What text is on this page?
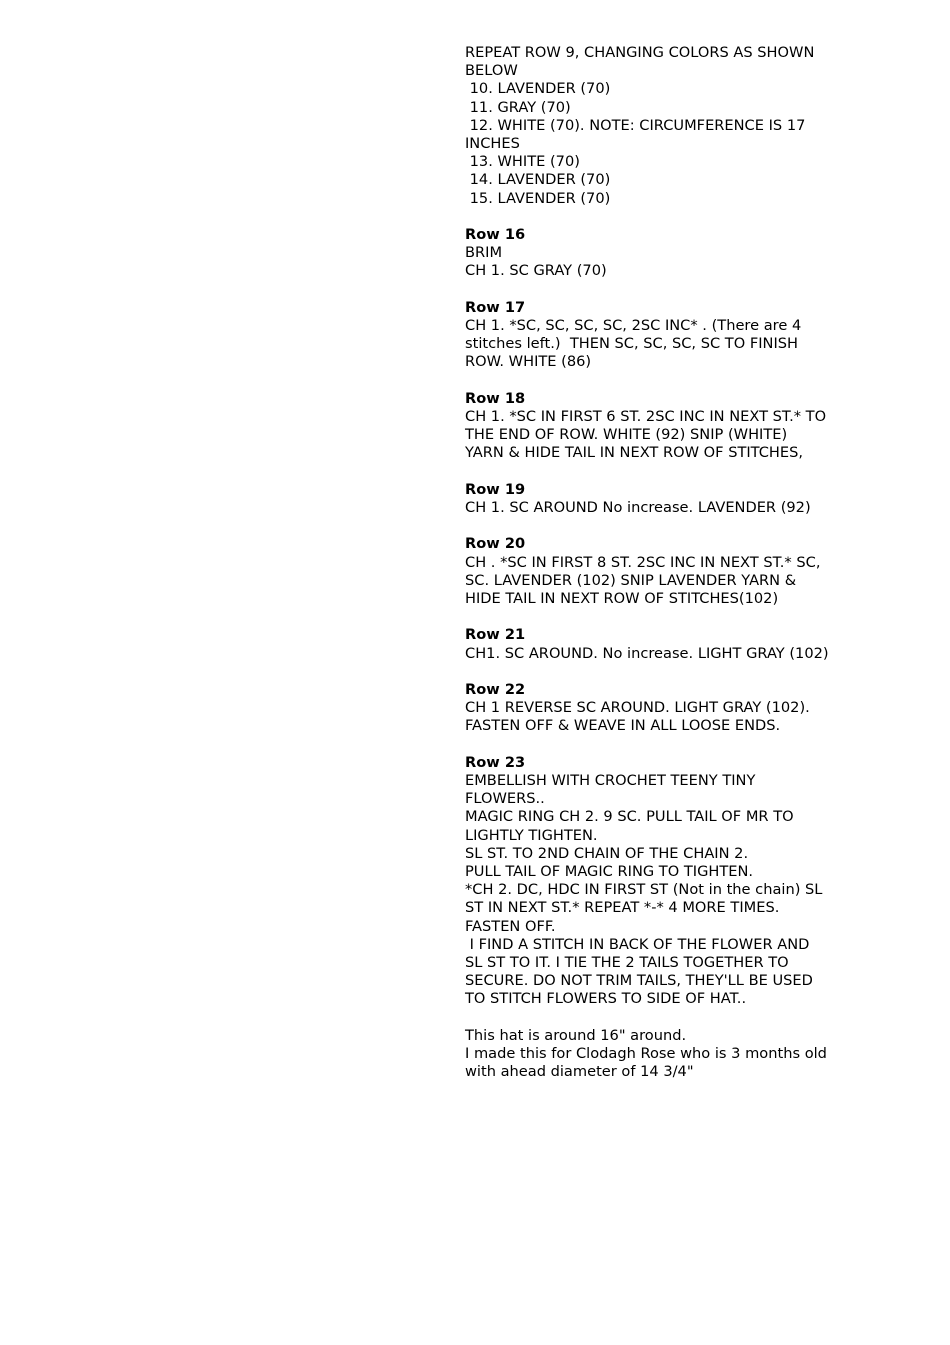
REPEAT ROW 9, CHANGING COLORS AS SHOWN
BELOW
10. LAVENDER (70)
11. GRAY (70)
12. WHITE (70). NOTE: CIRCUMFERENCE IS 17
INCHES
13. WHITE (70)
14. LAVENDER (70)
15. LAVENDER (70)
Row 16
BRIM
CH 1. SC GRAY (70)
Row 17
CH 1. *SC, SC, SC, SC, 2SC INC* . (There are 4
stitches left.)  THEN SC, SC, SC, SC TO FINISH
ROW. WHITE (86)
Row 18
CH 1. *SC IN FIRST 6 ST. 2SC INC IN NEXT ST.* TO
THE END OF ROW. WHITE (92) SNIP (WHITE)
YARN & HIDE TAIL IN NEXT ROW OF STITCHES,
Row 19
CH 1. SC AROUND No increase. LAVENDER (92)
Row 20
CH . *SC IN FIRST 8 ST. 2SC INC IN NEXT ST.* SC,
SC. LAVENDER (102) SNIP LAVENDER YARN &
HIDE TAIL IN NEXT ROW OF STITCHES(102)
Row 21
CH1. SC AROUND. No increase. LIGHT GRAY (102)
Row 22
CH 1 REVERSE SC AROUND. LIGHT GRAY (102).
FASTEN OFF & WEAVE IN ALL LOOSE ENDS.
Row 23
EMBELLISH WITH CROCHET TEENY TINY
FLOWERS..
MAGIC RING CH 2. 9 SC. PULL TAIL OF MR TO
LIGHTLY TIGHTEN.
SL ST. TO 2ND CHAIN OF THE CHAIN 2.
PULL TAIL OF MAGIC RING TO TIGHTEN.
*CH 2. DC, HDC IN FIRST ST (Not in the chain) SL
ST IN NEXT ST.* REPEAT *-* 4 MORE TIMES.
FASTEN OFF.
I FIND A STITCH IN BACK OF THE FLOWER AND
SL ST TO IT. I TIE THE 2 TAILS TOGETHER TO
SECURE. DO NOT TRIM TAILS, THEY'LL BE USED
TO STITCH FLOWERS TO SIDE OF HAT..
This hat is around 16" around.
I made this for Clodagh Rose who is 3 months old
with ahead diameter of 14 3/4"
